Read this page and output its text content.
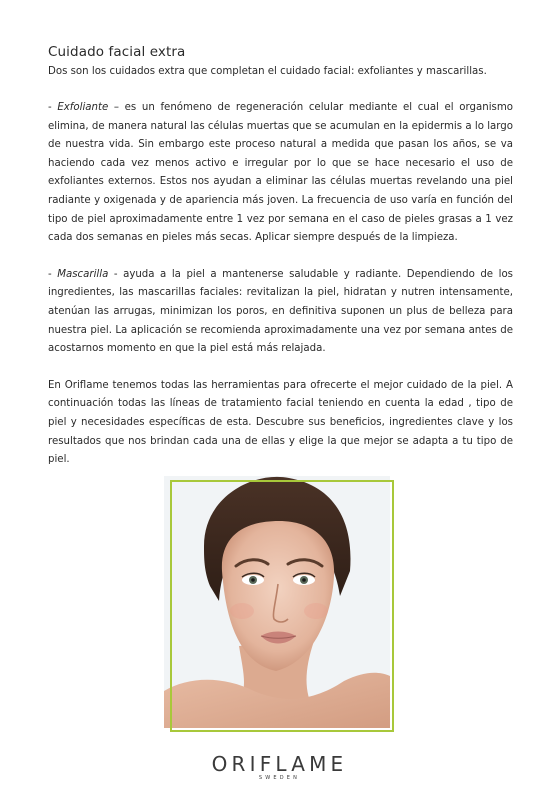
Cuidado facial extra

Dos son los cuidados extra que completan el cuidado facial: exfoliantes y mascarillas.

- Exfoliante – es un fenómeno de regeneración celular mediante el cual el organismo elimina, de manera natural las células muertas que se acumulan en la epidermis a lo largo de nuestra vida. Sin embargo este proceso natural a medida que pasan los años, se va haciendo cada vez menos activo e irregular por lo que se hace necesario el uso de exfoliantes externos. Estos nos ayudan a eliminar las células muertas revelando una piel radiante y oxigenada y de apariencia más joven. La frecuencia de uso varía en función del tipo de piel aproximadamente entre 1 vez por semana en el caso de pieles grasas a 1 vez cada dos semanas en pieles más secas. Aplicar siempre después de la limpieza.

- Mascarilla - ayuda a la piel a mantenerse saludable y radiante. Dependiendo de los ingredientes, las mascarillas faciales: revitalizan la piel, hidratan y nutren intensamente, atenúan las arrugas, minimizan los poros, en definitiva suponen un plus de belleza para nuestra piel. La aplicación se recomienda aproximadamente una vez por semana antes de acostarnos momento en que la piel está más relajada.

En Oriflame tenemos todas las herramientas para ofrecerte el mejor cuidado de la piel. A continuación todas las líneas de tratamiento facial teniendo en cuenta la edad , tipo de piel y necesidades específicas de esta. Descubre sus beneficios, ingredientes clave y los resultados que nos brindan cada una de ellas y elige la que mejor se adapta a tu tipo de piel.

ORIFLAME
SWEDEN
